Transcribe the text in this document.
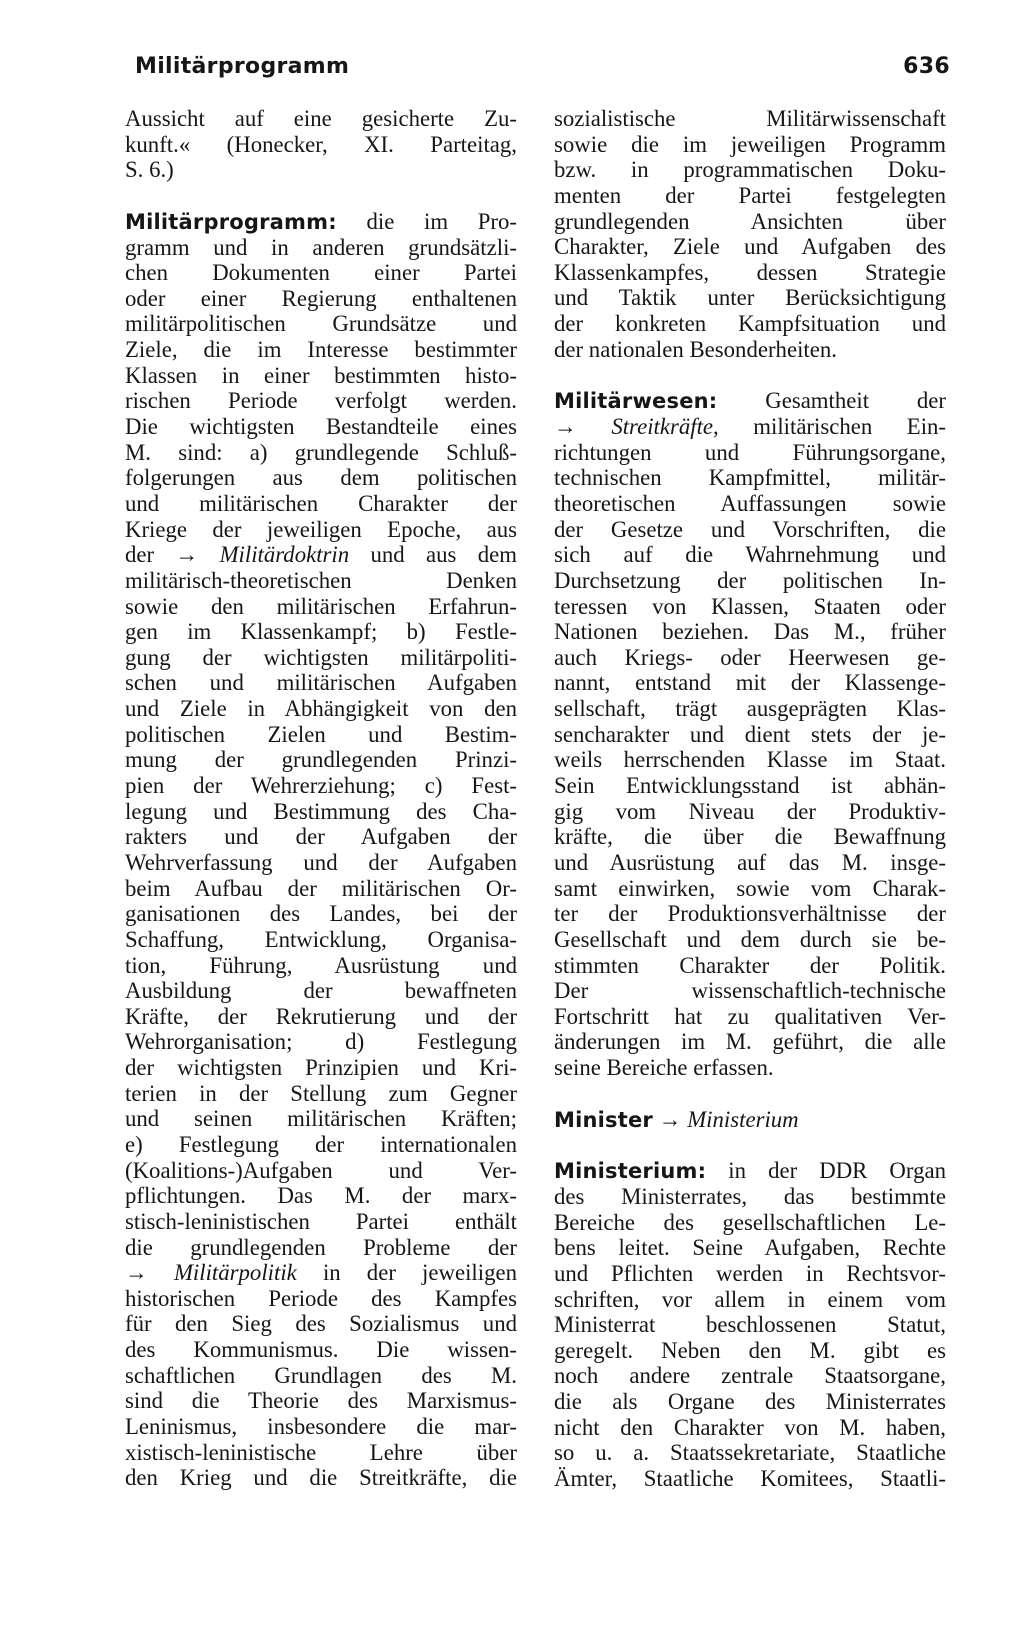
Militärprogramm	636

Aussicht auf eine gesicherte Zu-
kunft.« (Honecker, XI. Parteitag,
S. 6.)

Militärprogramm: die im Pro-
gramm und in anderen grundsätzli-
chen Dokumenten einer Partei
oder einer Regierung enthaltenen
militärpolitischen Grundsätze und
Ziele, die im Interesse bestimmter
Klassen in einer bestimmten histo-
rischen Periode verfolgt werden.
Die wichtigsten Bestandteile eines
M. sind: a) grundlegende Schluß-
folgerungen aus dem politischen
und militärischen Charakter der
Kriege der jeweiligen Epoche, aus
der → Militärdoktrin und aus dem
militärisch-theoretischen Denken
sowie den militärischen Erfahrun-
gen im Klassenkampf; b) Festle-
gung der wichtigsten militärpoliti-
schen und militärischen Aufgaben
und Ziele in Abhängigkeit von den
politischen Zielen und Bestim-
mung der grundlegenden Prinzi-
pien der Wehrerziehung; c) Fest-
legung und Bestimmung des Cha-
rakters und der Aufgaben der
Wehrverfassung und der Aufgaben
beim Aufbau der militärischen Or-
ganisationen des Landes, bei der
Schaffung, Entwicklung, Organisa-
tion, Führung, Ausrüstung und
Ausbildung der bewaffneten
Kräfte, der Rekrutierung und der
Wehrorganisation; d) Festlegung
der wichtigsten Prinzipien und Kri-
terien in der Stellung zum Gegner
und seinen militärischen Kräften;
e) Festlegung der internationalen
(Koalitions-)Aufgaben und Ver-
pflichtungen. Das M. der marx-
stisch-leninistischen Partei enthält
die grundlegenden Probleme der
→ Militärpolitik in der jeweiligen
historischen Periode des Kampfes
für den Sieg des Sozialismus und
des Kommunismus. Die wissen-
schaftlichen Grundlagen des M.
sind die Theorie des Marxismus-
Leninismus, insbesondere die mar-
xistisch-leninistische Lehre über
den Krieg und die Streitkräfte, die

sozialistische Militärwissenschaft
sowie die im jeweiligen Programm
bzw. in programmatischen Doku-
menten der Partei festgelegten
grundlegenden Ansichten über
Charakter, Ziele und Aufgaben des
Klassenkampfes, dessen Strategie
und Taktik unter Berücksichtigung
der konkreten Kampfsituation und
der nationalen Besonderheiten.

Militärwesen: Gesamtheit der
→ Streitkräfte, militärischen Ein-
richtungen und Führungsorgane,
technischen Kampfmittel, militär-
theoretischen Auffassungen sowie
der Gesetze und Vorschriften, die
sich auf die Wahrnehmung und
Durchsetzung der politischen In-
teressen von Klassen, Staaten oder
Nationen beziehen. Das M., früher
auch Kriegs- oder Heerwesen ge-
nannt, entstand mit der Klassenge-
sellschaft, trägt ausgeprägten Klas-
sencharakter und dient stets der je-
weils herrschenden Klasse im Staat.
Sein Entwicklungsstand ist abhän-
gig vom Niveau der Produktiv-
kräfte, die über die Bewaffnung
und Ausrüstung auf das M. insge-
samt einwirken, sowie vom Charak-
ter der Produktionsverhältnisse der
Gesellschaft und dem durch sie be-
stimmten Charakter der Politik.
Der wissenschaftlich-technische
Fortschritt hat zu qualitativen Ver-
änderungen im M. geführt, die alle
seine Bereiche erfassen.

Minister → Ministerium

Ministerium: in der DDR Organ
des Ministerrates, das bestimmte
Bereiche des gesellschaftlichen Le-
bens leitet. Seine Aufgaben, Rechte
und Pflichten werden in Rechtsvor-
schriften, vor allem in einem vom
Ministerrat beschlossenen Statut,
geregelt. Neben den M. gibt es
noch andere zentrale Staatsorgane,
die als Organe des Ministerrates
nicht den Charakter von M. haben,
so u. a. Staatssekretariate, Staatliche
Ämter, Staatliche Komitees, Staatli-
